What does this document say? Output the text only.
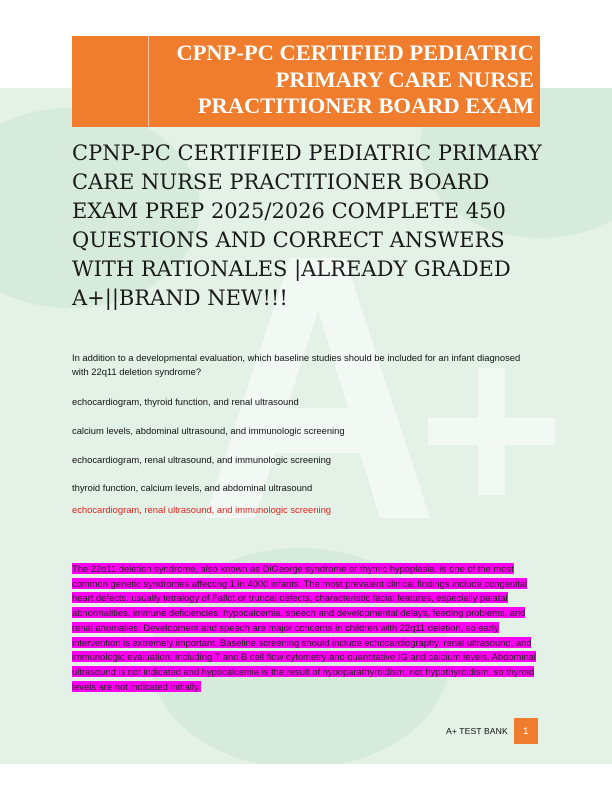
CPNP-PC CERTIFIED PEDIATRIC
PRIMARY CARE NURSE
PRACTITIONER BOARD EXAM
CPNP-PC CERTIFIED PEDIATRIC PRIMARY CARE NURSE PRACTITIONER BOARD EXAM PREP 2025/2026 COMPLETE 450 QUESTIONS AND CORRECT ANSWERS WITH RATIONALES |ALREADY GRADED A+||BRAND NEW!!!
In addition to a developmental evaluation, which baseline studies should be included for an infant diagnosed with 22q11 deletion syndrome?
echocardiogram, thyroid function, and renal ultrasound
calcium levels, abdominal ultrasound, and immunologic screening
echocardiogram, renal ultrasound, and immunologic screening
thyroid function, calcium levels, and abdominal ultrasound
echocardiogram, renal ultrasound, and immunologic screening
The 22q11 deletion syndrome, also known as DiGeorge syndrome or thymic hypoplasia, is one of the most common genetic syndromes affecting 1 in 4000 infants. The most prevalent clinical findings include congenital heart defects, usually tetralogy of Fallot or truncal defects, characteristic facial features, especially palatal abnormalities, immune deficiencies, hypocalcemia, speech and developmental delays, feeding problems, and renal anomalies. Development and speech are major concerns in children with 22q11 deletion, so early intervention is extremely important. Baseline screening should include echocardiography, renal ultrasound, and immunologic evaluation, including T and B cell flow cytometry and quantitative IG and calcium levels. Abdominal ultrasound is not indicated and hypocalcemia is the result of hypoparathyroidism, not hypothyroidism, so thyroid levels are not indicated initially.
A+ TEST BANK	1
